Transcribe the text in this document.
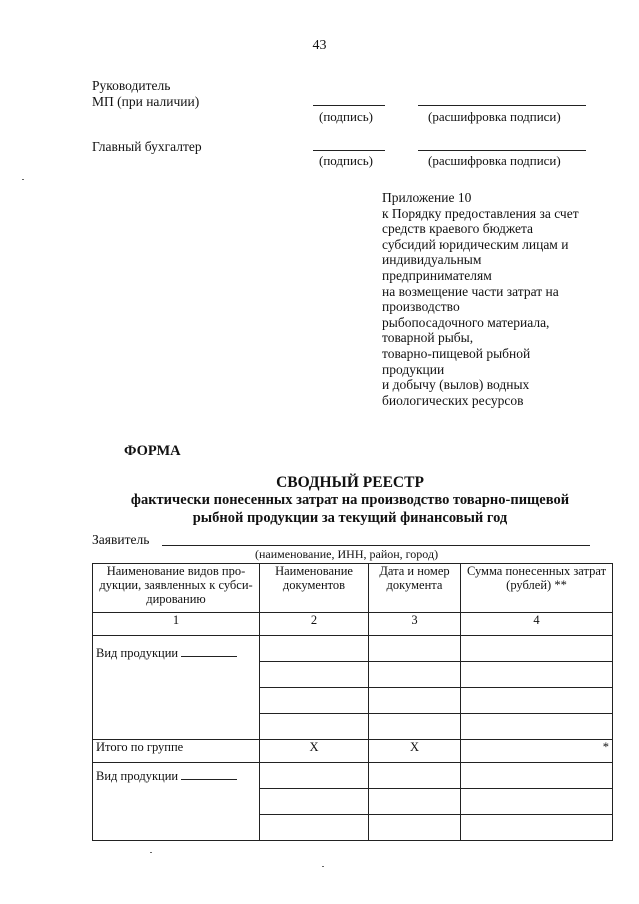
43
Руководитель
МП (при наличии)
(подпись)	(расшифровка подписи)
Главный бухгалтер
(подпись)	(расшифровка подписи)
Приложение 10
к Порядку предоставления за счет
средств краевого бюджета
субсидий юридическим лицам и
индивидуальным
предпринимателям
на возмещение части затрат на
производство
рыбопосадочного материала,
товарной рыбы,
товарно-пищевой рыбной
продукции
и добычу (вылов) водных
биологических ресурсов
ФОРМА
СВОДНЫЙ РЕЕСТР
фактически понесенных затрат на производство товарно-пищевой
рыбной продукции за текущий финансовый год
Заявитель
(наименование, ИНН, район, город)
Наименование видов про-дукции, заявленных к субси-дированию	Наименование документов	Дата и номер документа	Сумма понесенных затрат (рублей) **
1	2	3	4
Вид продукции			

Итого по группе	Х	Х	*
Вид продукции			
